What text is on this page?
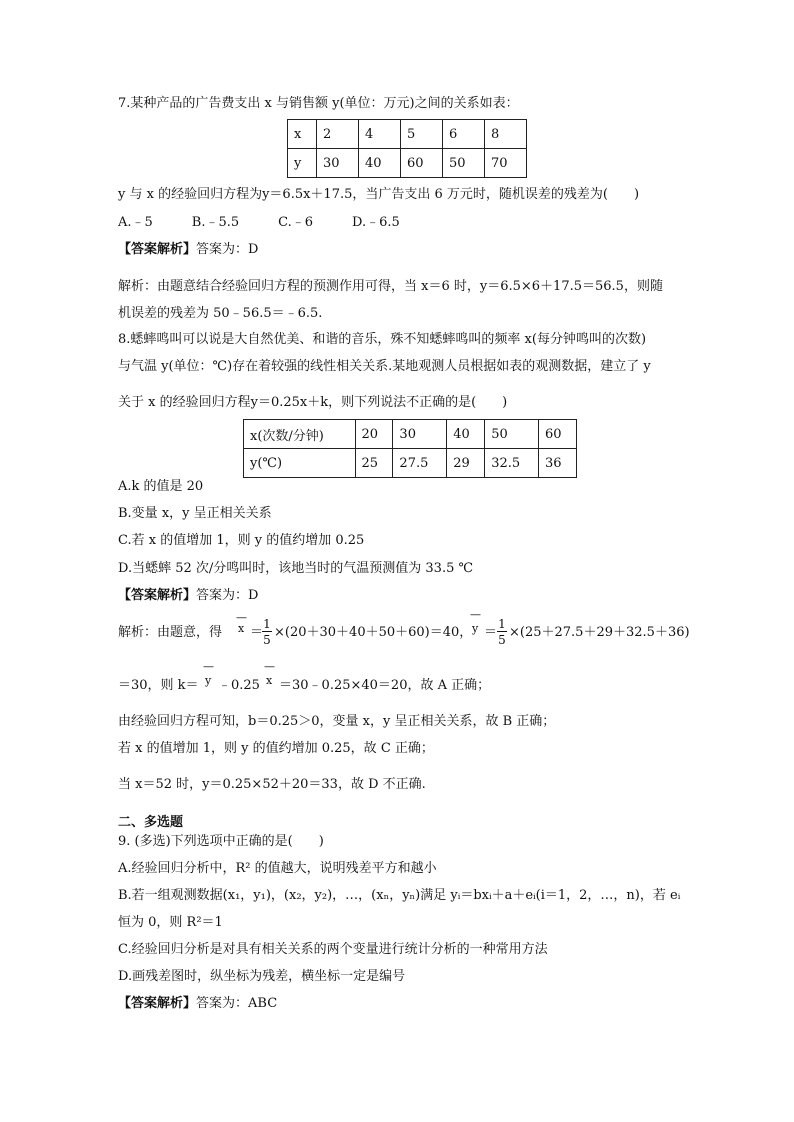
7.某种产品的广告费支出 x 与销售额 y(单位：万元)之间的关系如表：
x	2	4	5	6	8
y	30	40	60	50	70
y 与 x 的经验回归方程为y＝6.5x＋17.5，当广告支出 6 万元时，随机误差的残差为(　　)
A.﹣5　　　B.﹣5.5　　　C.﹣6　　　D.﹣6.5
【答案解析】答案为：D
解析：由题意结合经验回归方程的预测作用可得，当 x＝6 时，y＝6.5×6＋17.5＝56.5，则随
机误差的残差为 50﹣56.5＝﹣6.5.
8.蟋蟀鸣叫可以说是大自然优美、和谐的音乐，殊不知蟋蟀鸣叫的频率 x(每分钟鸣叫的次数)
与气温 y(单位：℃)存在着较强的线性相关关系.某地观测人员根据如表的观测数据，建立了 y
关于 x 的经验回归方程y＝0.25x＋k，则下列说法不正确的是(　　)
x(次数/分钟)	20	30	40	50	60
y(℃)	25	27.5	29	32.5	36
A.k 的值是 20
B.变量 x，y 呈正相关关系
C.若 x 的值增加 1，则 y 的值约增加 0.25
D.当蟋蟀 52 次/分鸣叫时，该地当时的气温预测值为 33.5 ℃
【答案解析】答案为：D
解析：由题意，得
—
x ＝
1
5 ×(20＋30＋40＋50＋60)＝40，
—
y ＝
1
5 ×(25＋27.5＋29＋32.5＋36)
＝30，则 k＝
—
y ﹣0.25
—
x ＝30﹣0.25×40＝20，故 A 正确；
由经验回归方程可知，b＝0.25＞0，变量 x，y 呈正相关关系，故 B 正确；
若 x 的值增加 1，则 y 的值约增加 0.25，故 C 正确；
当 x＝52 时，y＝0.25×52＋20＝33，故 D 不正确.
二、多选题
9. (多选)下列选项中正确的是(　　)
A.经验回归分析中，R² 的值越大，说明残差平方和越小
B.若一组观测数据(x₁，y₁)，(x₂，y₂)，…，(xₙ，yₙ)满足 yᵢ＝bxᵢ＋a＋eᵢ(i＝1，2，…，n)，若 eᵢ
恒为 0，则 R²＝1
C.经验回归分析是对具有相关关系的两个变量进行统计分析的一种常用方法
D.画残差图时，纵坐标为残差，横坐标一定是编号
【答案解析】答案为：ABC
